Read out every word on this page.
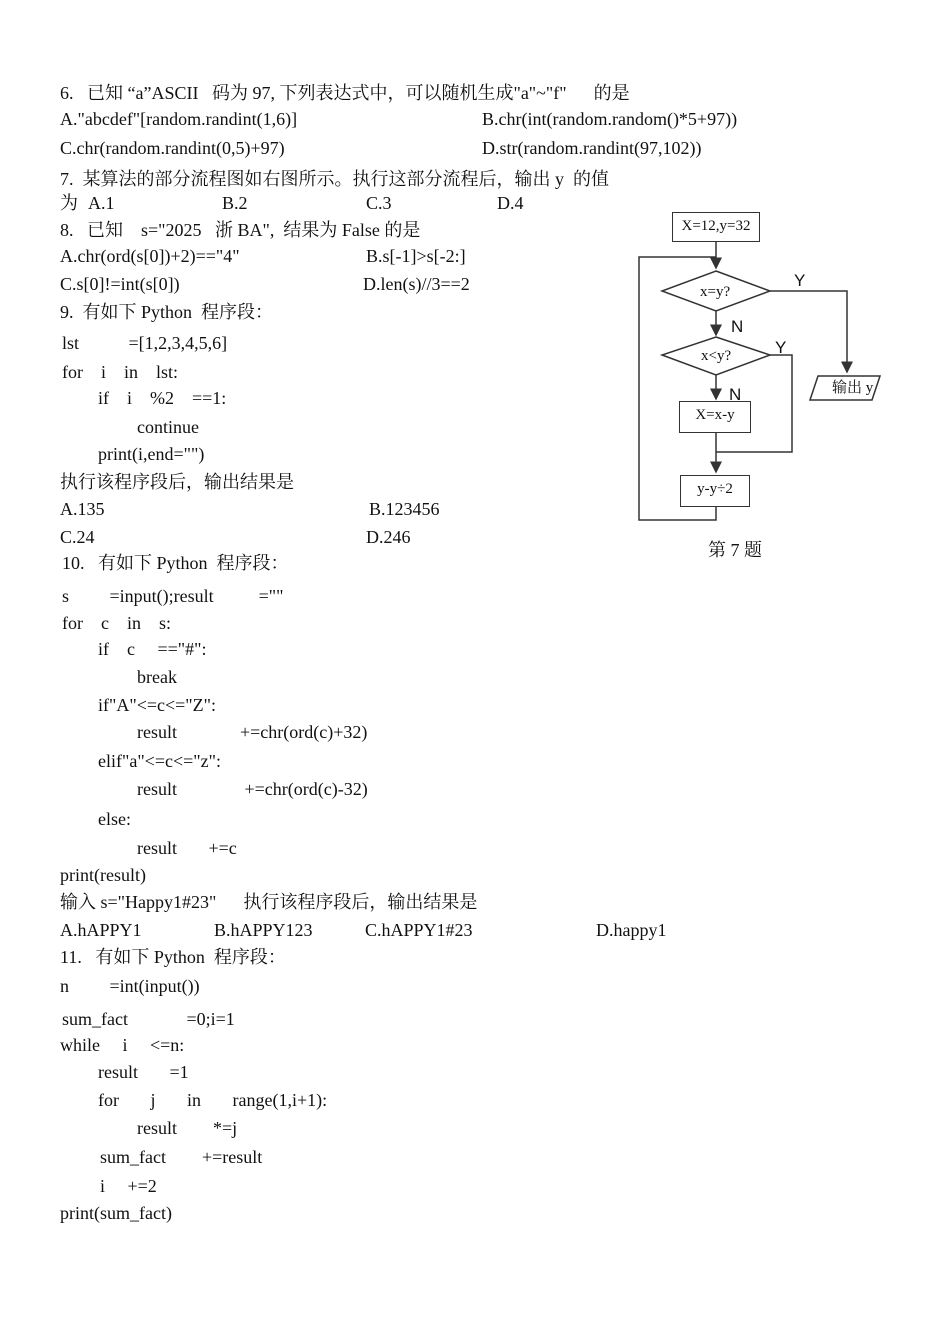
6.   已知 “a”ASCII   码为 97, 下列表达式中，可以随机生成"a"~"f"      的是
A."abcdef"[random.randint(1,6)]	B.chr(int(random.random()*5+97))
C.chr(random.randint(0,5)+97)	D.str(random.randint(97,102))
7.  某算法的部分流程图如右图所示。执行这部分流程后，输出 y  的值
为 A.1	B.2	C.3	D.4
8.   已知    s="2025   浙 BA",  结果为 False 的是
A.chr(ord(s[0])+2)=="4"	B.s[-1]>s[-2:]
C.s[0]!=int(s[0])	D.len(s)//3==2
9.  有如下 Python  程序段：
lst           =[1,2,3,4,5,6]
for    i    in    lst:
if    i    %2    ==1:
continue
print(i,end="")
执行该程序段后，输出结果是
A.135	B.123456
C.24	D.246
10.   有如下 Python  程序段：
s         =input();result          =""
for    c    in    s:
if    c     =="#":
break
if"A"<=c<="Z":
result              +=chr(ord(c)+32)
elif"a"<=c<="z":
result               +=chr(ord(c)-32)
else:
result       +=c
print(result)
输入 s="Happy1#23"      执行该程序段后，输出结果是
A.hAPPY1	B.hAPPY123	C.hAPPY1#23	D.happy1
11.   有如下 Python  程序段：
n         =int(input())
sum_fact             =0;i=1
while     i     <=n:
result       =1
for       j       in       range(1,i+1):
result        *=j
sum_fact        +=result
i     +=2
print(sum_fact)
X=12,y=32
x=y?
x<y?
X=x-y
y-y÷2
输出 y
Y
Y
N
N
第 7 题
